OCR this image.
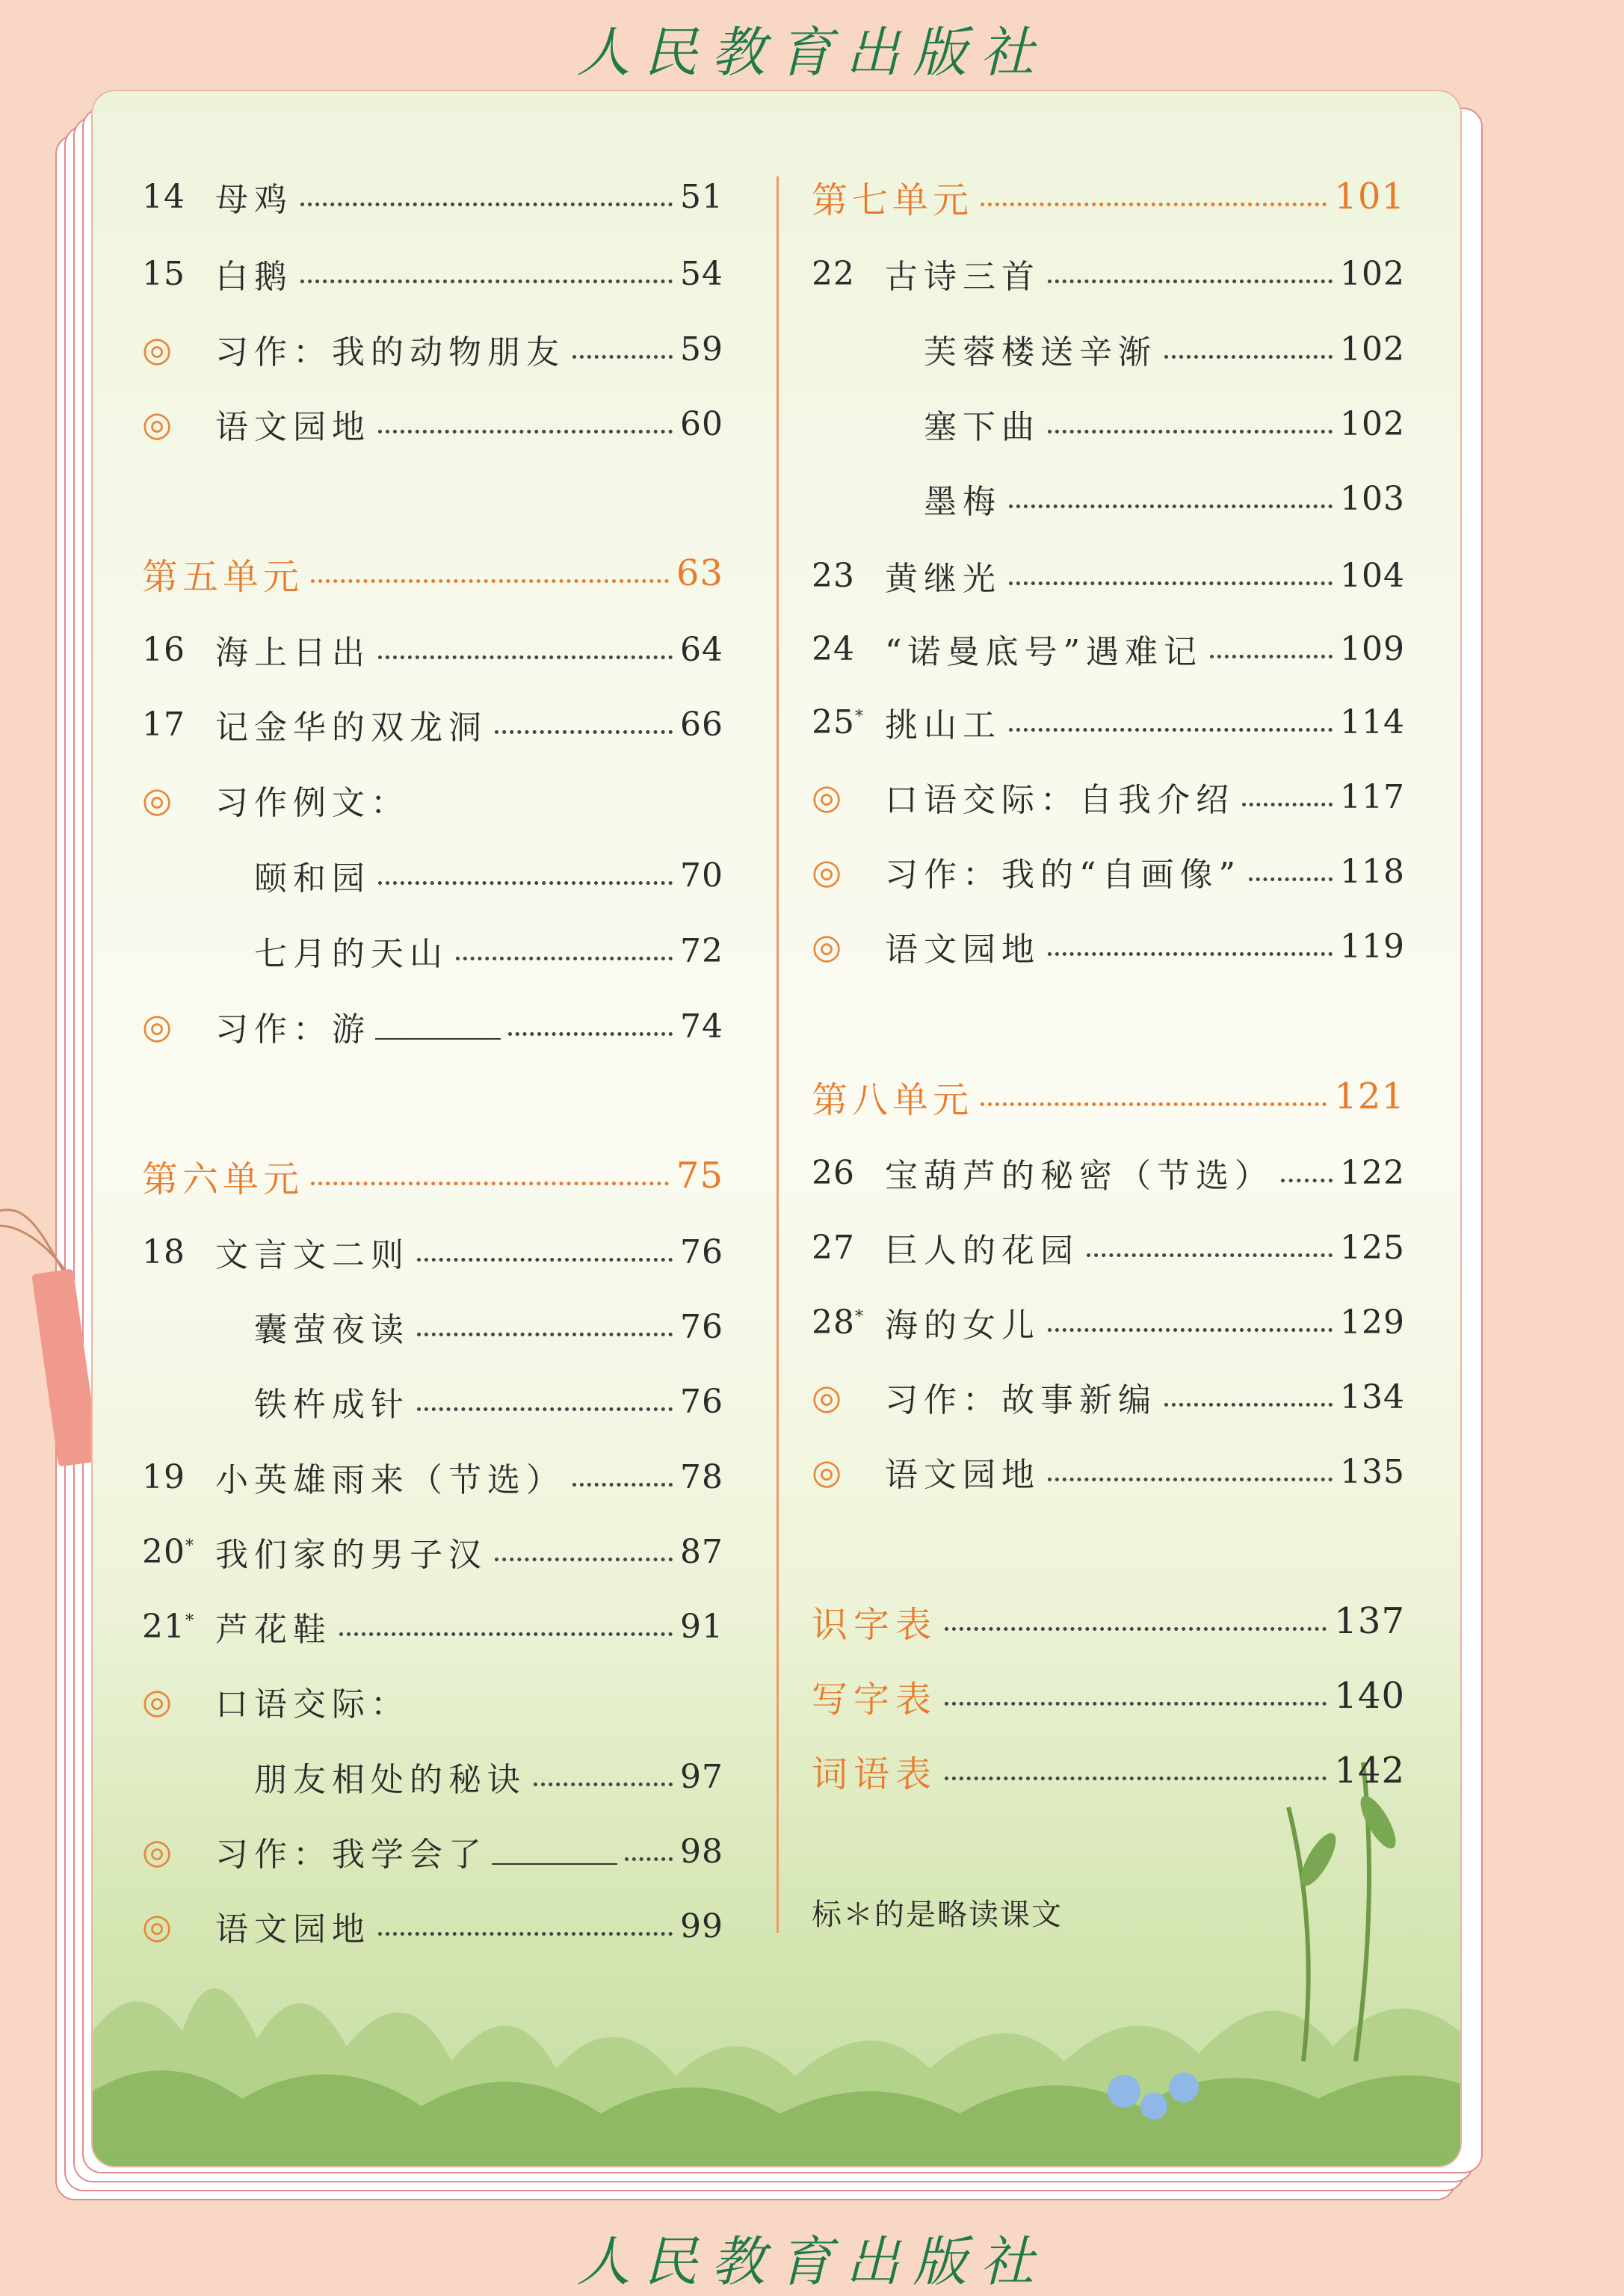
人民教育出版社
14 母鸡	51
15 白鹅	54
◎	习作：我的动物朋友	59
◎	语文园地	60
第五单元	63
16 海上日出	64
17 记金华的双龙洞	66
◎	习作例文：
颐和园	70
七月的天山	72
◎	习作：游	74
第六单元	75
18 文言文二则	76
囊萤夜读	76
铁杵成针	76
19 小英雄雨来（节选）	78
20* 我们家的男子汉	87
21* 芦花鞋	91
◎	口语交际：
朋友相处的秘诀	97
◎	习作：我学会了	98
◎	语文园地	99
第七单元	101
22 古诗三首	102
芙蓉楼送辛渐	102
塞下曲	102
墨梅	103
23 黄继光	104
24 “诺曼底号”遇难记	109
25* 挑山工	114
◎	口语交际：自我介绍	117
◎	习作：我的“自画像”	118
◎	语文园地	119
第八单元	121
26 宝葫芦的秘密（节选） 122
27 巨人的花园	125
28* 海的女儿	129
◎	习作：故事新编	134
◎	语文园地	135
识字表	137
写字表	140
词语表	142
标＊的是略读课文
人民教育出版社
